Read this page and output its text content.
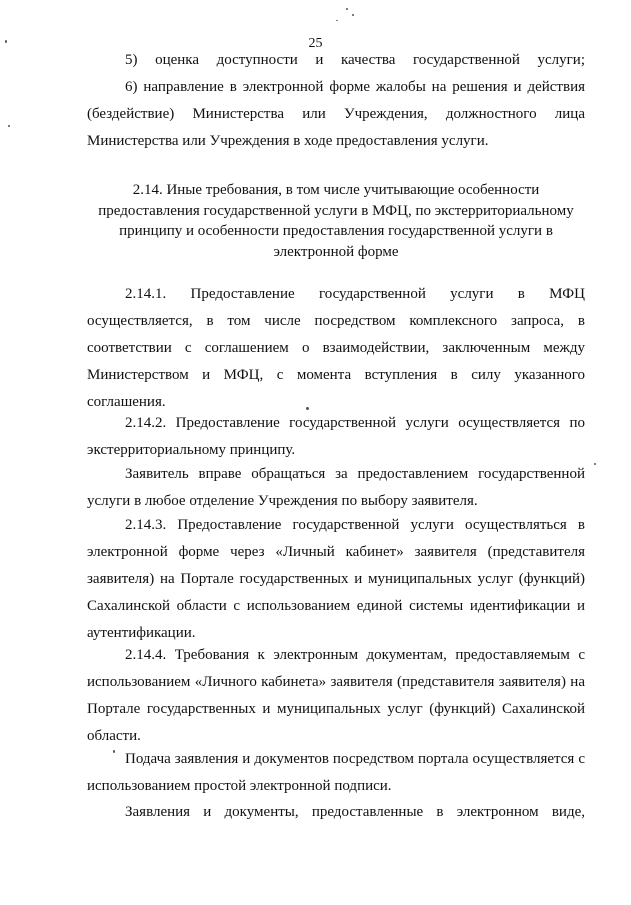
25

5) оценка доступности и качества государственной услуги;

6) направление в электронной форме жалобы на решения и действия (бездействие) Министерства или Учреждения, должностного лица Министерства или Учреждения в ходе предоставления услуги.

2.14. Иные требования, в том числе учитывающие особенности предоставления государственной услуги в МФЦ, по экстерриториальному принципу и особенности предоставления государственной услуги в электронной форме

2.14.1. Предоставление государственной услуги в МФЦ осуществляется, в том числе посредством комплексного запроса, в соответствии с соглашением о взаимодействии, заключенным между Министерством и МФЦ, с момента вступления в силу указанного соглашения.

2.14.2. Предоставление государственной услуги осуществляется по экстерриториальному принципу.

Заявитель вправе обращаться за предоставлением государственной услуги в любое отделение Учреждения по выбору заявителя.

2.14.3. Предоставление государственной услуги осуществляться в электронной форме через «Личный кабинет» заявителя (представителя заявителя) на Портале государственных и муниципальных услуг (функций) Сахалинской области с использованием единой системы идентификации и аутентификации.

2.14.4. Требования к электронным документам, предоставляемым с использованием «Личного кабинета» заявителя (представителя заявителя) на Портале государственных и муниципальных услуг (функций) Сахалинской области.

Подача заявления и документов посредством портала осуществляется с использованием простой электронной подписи.

Заявления и документы, предоставленные в электронном виде,
